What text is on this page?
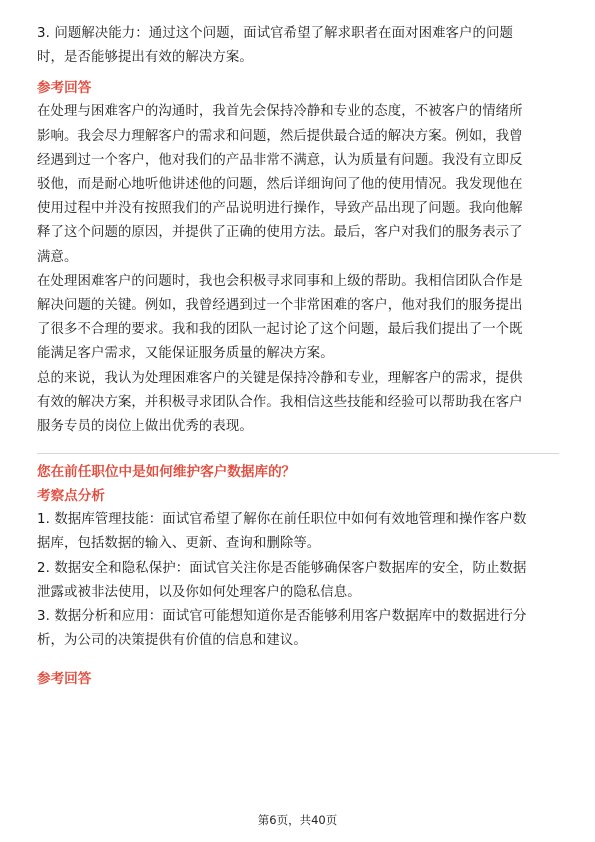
3. 问题解决能力：通过这个问题，面试官希望了解求职者在面对困难客户的问题
时，是否能够提出有效的解决方案。

参考回答

在处理与困难客户的沟通时，我首先会保持冷静和专业的态度，不被客户的情绪所
影响。我会尽力理解客户的需求和问题，然后提供最合适的解决方案。例如，我曾
经遇到过一个客户，他对我们的产品非常不满意，认为质量有问题。我没有立即反
驳他，而是耐心地听他讲述他的问题，然后详细询问了他的使用情况。我发现他在
使用过程中并没有按照我们的产品说明进行操作，导致产品出现了问题。我向他解
释了这个问题的原因，并提供了正确的使用方法。最后，客户对我们的服务表示了
满意。

在处理困难客户的问题时，我也会积极寻求同事和上级的帮助。我相信团队合作是
解决问题的关键。例如，我曾经遇到过一个非常困难的客户，他对我们的服务提出
了很多不合理的要求。我和我的团队一起讨论了这个问题，最后我们提出了一个既
能满足客户需求，又能保证服务质量的解决方案。

总的来说，我认为处理困难客户的关键是保持冷静和专业，理解客户的需求，提供
有效的解决方案，并积极寻求团队合作。我相信这些技能和经验可以帮助我在客户
服务专员的岗位上做出优秀的表现。

您在前任职位中是如何维护客户数据库的？

考察点分析

1. 数据库管理技能：面试官希望了解你在前任职位中如何有效地管理和操作客户数
据库，包括数据的输入、更新、查询和删除等。

2. 数据安全和隐私保护：面试官关注你是否能够确保客户数据库的安全，防止数据
泄露或被非法使用，以及你如何处理客户的隐私信息。

3. 数据分析和应用：面试官可能想知道你是否能够利用客户数据库中的数据进行分
析，为公司的决策提供有价值的信息和建议。

参考回答

第6页，共40页
